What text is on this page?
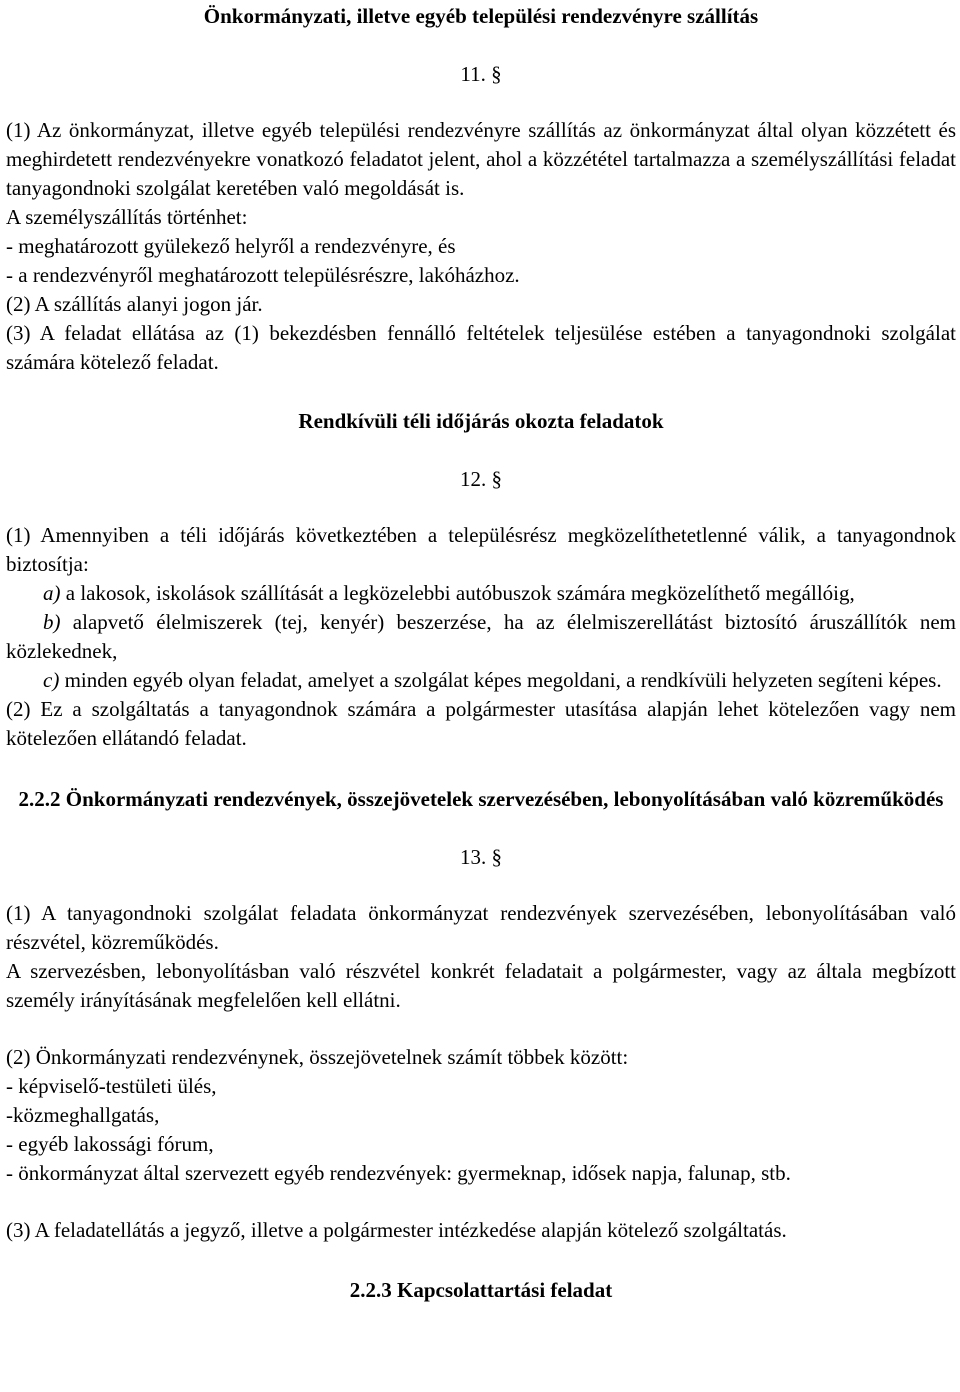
Önkormányzati, illetve egyéb települési rendezvényre szállítás

11. §

(1) Az önkormányzat, illetve egyéb települési rendezvényre szállítás az önkormányzat által olyan közzétett és meghirdetett rendezvényekre vonatkozó feladatot jelent, ahol a közzététel tartalmazza a személyszállítási feladat tanyagondnoki szolgálat keretében való megoldását is.

A személyszállítás történhet:

- meghatározott gyülekező helyről a rendezvényre, és

- a rendezvényről meghatározott településrészre, lakóházhoz.

(2) A szállítás alanyi jogon jár.

(3) A feladat ellátása az (1) bekezdésben fennálló feltételek teljesülése estében a tanyagondnoki szolgálat számára kötelező feladat.

Rendkívüli téli időjárás okozta feladatok

12. §

(1) Amennyiben a téli időjárás következtében a településrész megközelíthetetlenné válik, a tanyagondnok biztosítja:

a) a lakosok, iskolások szállítását a legközelebbi autóbuszok számára megközelíthető megállóig,

b) alapvető élelmiszerek (tej, kenyér) beszerzése, ha az élelmiszerellátást biztosító áruszállítók nem közlekednek,

c) minden egyéb olyan feladat, amelyet a szolgálat képes megoldani, a rendkívüli helyzeten segíteni képes.

(2) Ez a szolgáltatás a tanyagondnok számára a polgármester utasítása alapján lehet kötelezően vagy nem kötelezően ellátandó feladat.

2.2.2 Önkormányzati rendezvények, összejövetelek szervezésében, lebonyolításában való közreműködés

13. §

(1) A tanyagondnoki szolgálat feladata önkormányzat rendezvények szervezésében, lebonyolításában való részvétel, közreműködés.

A szervezésben, lebonyolításban való részvétel konkrét feladatait a polgármester, vagy az általa megbízott személy irányításának megfelelően kell ellátni.

(2) Önkormányzati rendezvénynek, összejövetelnek számít többek között:

- képviselő-testületi ülés,

-közmeghallgatás,

- egyéb lakossági fórum,

- önkormányzat által szervezett egyéb rendezvények: gyermeknap, idősek napja, falunap, stb.

(3) A feladatellátás a jegyző, illetve a polgármester intézkedése alapján kötelező szolgáltatás.

2.2.3 Kapcsolattartási feladat
